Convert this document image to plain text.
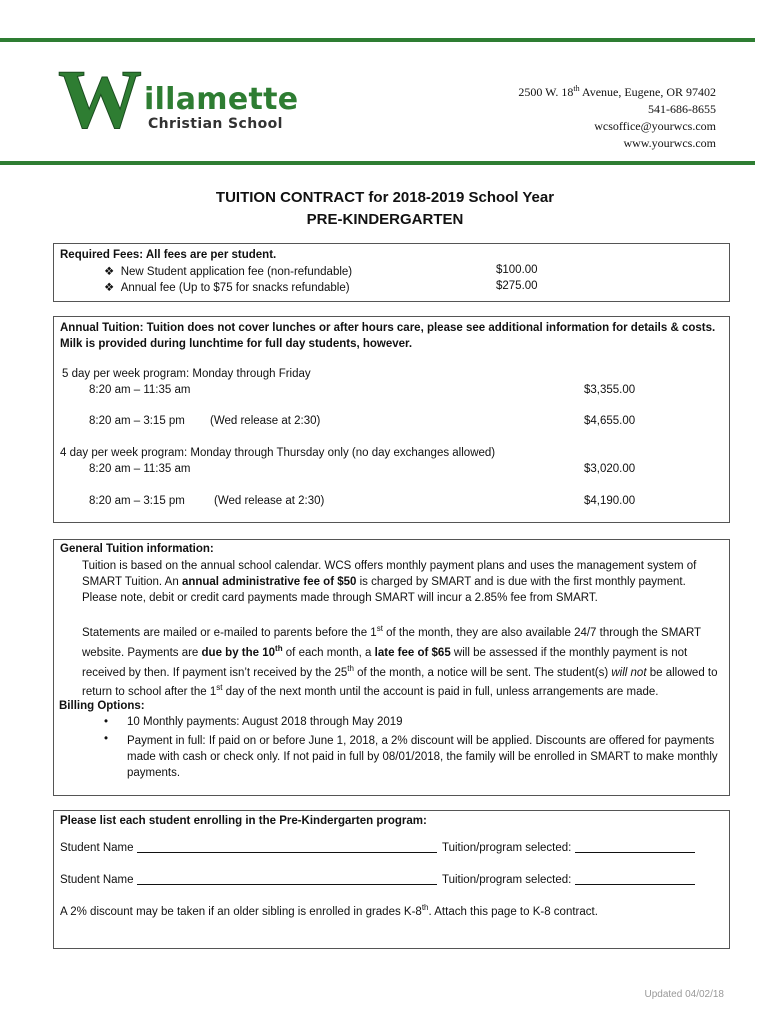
W illamette
Christian School
2500 W. 18th Avenue, Eugene, OR 97402
541-686-8655
wcsoffice@yourwcs.com
www.yourwcs.com
TUITION CONTRACT for 2018-2019 School Year
PRE-KINDERGARTEN
Required Fees: All fees are per student.
❖ New Student application fee (non-refundable)	$100.00
❖ Annual fee (Up to $75 for snacks refundable)	$275.00
Annual Tuition: Tuition does not cover lunches or after hours care, please see additional information for details & costs. Milk is provided during lunchtime for full day students, however.
5 day per week program: Monday through Friday
8:20 am – 11:35 am	$3,355.00
8:20 am – 3:15 pm (Wed release at 2:30)	$4,655.00
4 day per week program: Monday through Thursday only (no day exchanges allowed)
8:20 am – 11:35 am	$3,020.00
8:20 am – 3:15 pm	(Wed release at 2:30)	$4,190.00
General Tuition information:
Tuition is based on the annual school calendar. WCS offers monthly payment plans and uses the management system of SMART Tuition. An annual administrative fee of $50 is charged by SMART and is due with the first monthly payment. Please note, debit or credit card payments made through SMART will incur a 2.85% fee from SMART.
Statements are mailed or e-mailed to parents before the 1st of the month, they are also available 24/7 through the SMART website. Payments are due by the 10th of each month, a late fee of $65 will be assessed if the monthly payment is not received by then. If payment isn’t received by the 25th of the month, a notice will be sent. The student(s) will not be allowed to return to school after the 1st day of the next month until the account is paid in full, unless arrangements are made.
Billing Options:
• 10 Monthly payments: August 2018 through May 2019
• Payment in full: If paid on or before June 1, 2018, a 2% discount will be applied. Discounts are offered for payments made with cash or check only. If not paid in full by 08/01/2018, the family will be enrolled in SMART to make monthly payments.
Please list each student enrolling in the Pre-Kindergarten program:
Student Name	Tuition/program selected:
Student Name	Tuition/program selected:
A 2% discount may be taken if an older sibling is enrolled in grades K-8th. Attach this page to K-8 contract.
Updated 04/02/18
